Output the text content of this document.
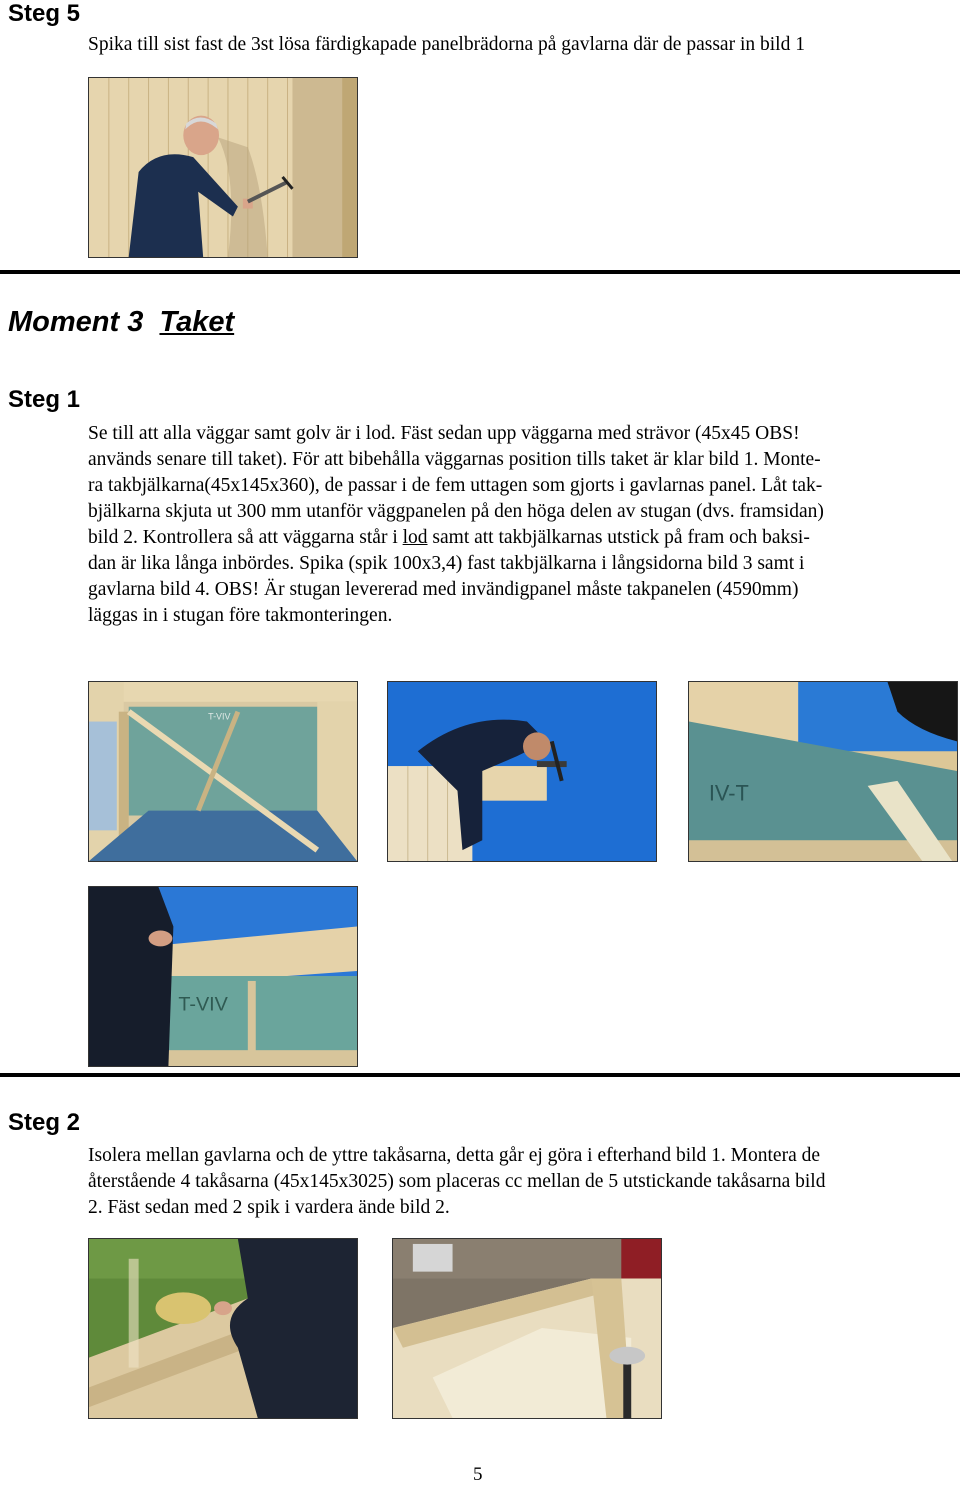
Steg 5
Spika till sist fast de 3st lösa färdigkapade panelbrädorna på gavlarna där de passar in bild 1
Moment 3 Taket
Steg 1
Se till att alla väggar samt golv är i lod. Fäst sedan upp väggarna med strävor (45x45 OBS!
används senare till taket). För att bibehålla väggarnas position tills taket är klar bild 1. Monte-
ra takbjälkarna(45x145x360), de passar i de fem uttagen som gjorts i gavlarnas panel. Låt tak-
bjälkarna skjuta ut 300 mm utanför väggpanelen på den höga delen av stugan (dvs. framsidan)
bild 2. Kontrollera så att väggarna står i lod samt att takbjälkarnas utstick på fram och baksi-
dan är lika långa inbördes. Spika (spik 100x3,4) fast takbjälkarna i långsidorna bild 3 samt i
gavlarna bild 4. OBS! Är stugan levererad med invändigpanel måste takpanelen (4590mm)
läggas in i stugan före takmonteringen.
T-VIV
IV-T
T-VIV
Steg 2
Isolera mellan gavlarna och de yttre takåsarna, detta går ej göra i efterhand bild 1. Montera de
återstående 4 takåsarna (45x145x3025) som placeras cc mellan de 5 utstickande takåsarna bild
2. Fäst sedan med 2 spik i vardera ände bild 2.
5
